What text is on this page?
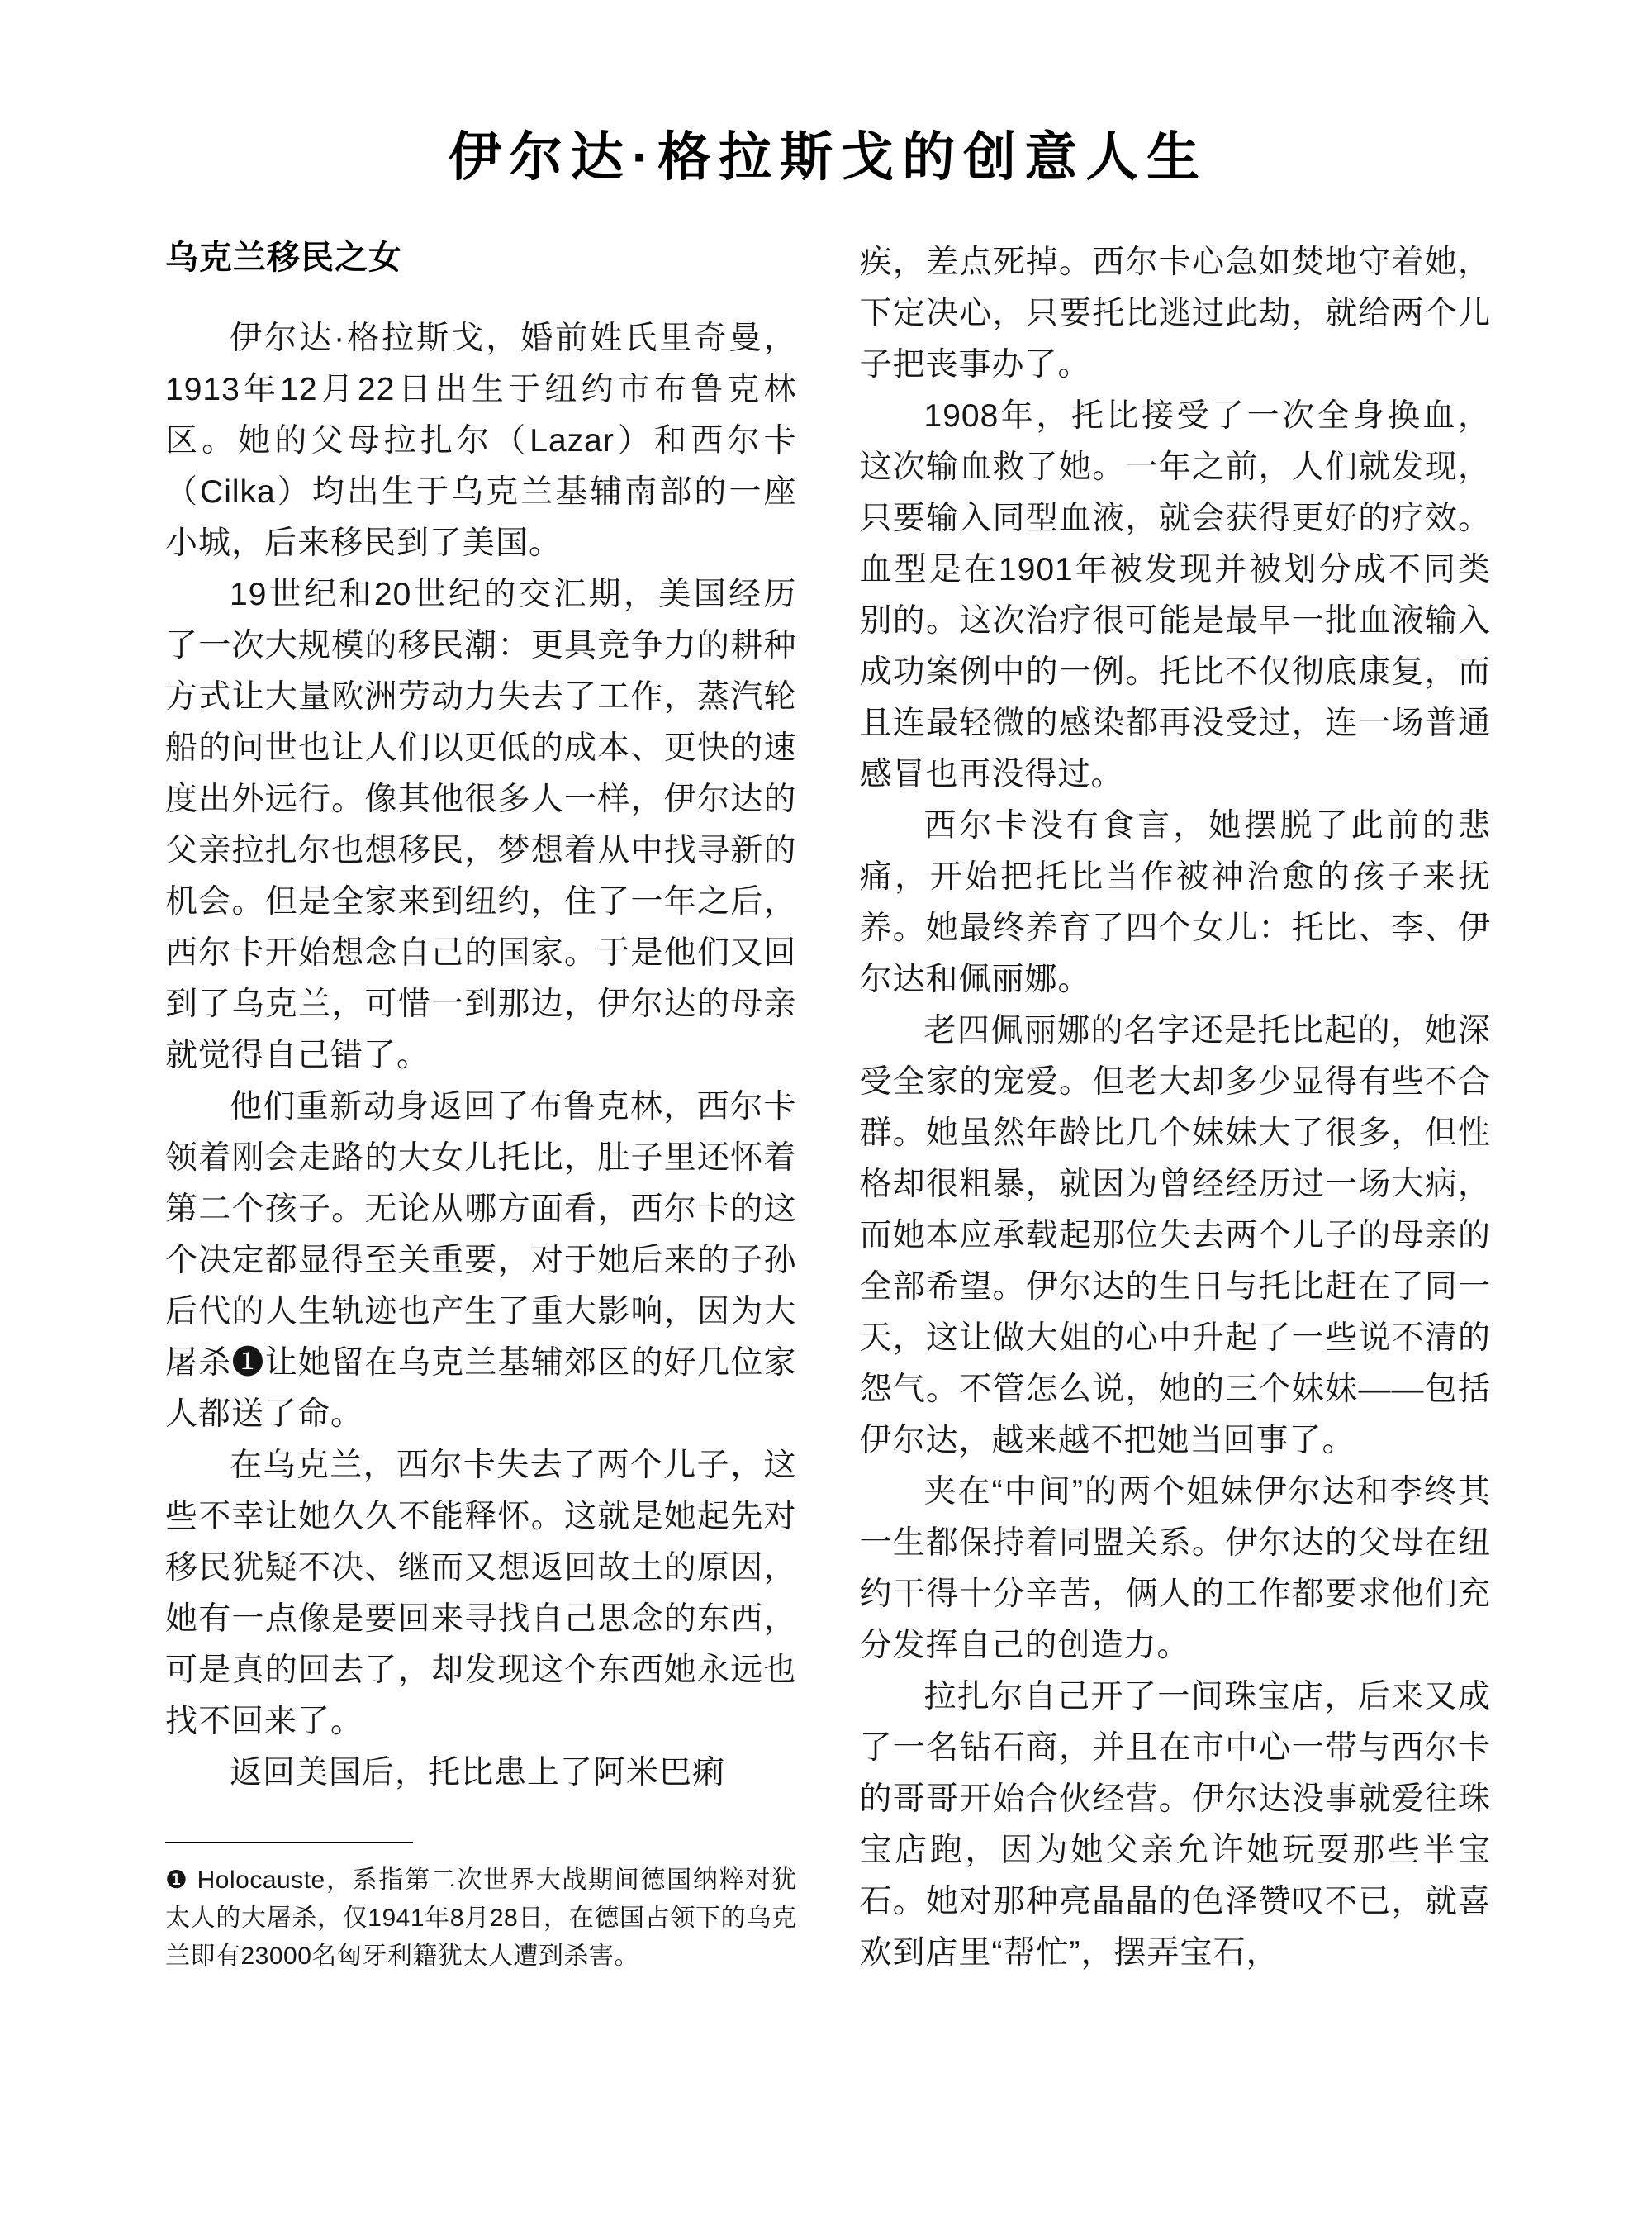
伊尔达·格拉斯戈的创意人生
乌克兰移民之女

伊尔达·格拉斯戈，婚前姓氏里奇曼，1913年12月22日出生于纽约市布鲁克林区。她的父母拉扎尔（Lazar）和西尔卡（Cilka）均出生于乌克兰基辅南部的一座小城，后来移民到了美国。

19世纪和20世纪的交汇期，美国经历了一次大规模的移民潮：更具竞争力的耕种方式让大量欧洲劳动力失去了工作，蒸汽轮船的问世也让人们以更低的成本、更快的速度出外远行。像其他很多人一样，伊尔达的父亲拉扎尔也想移民，梦想着从中找寻新的机会。但是全家来到纽约，住了一年之后，西尔卡开始想念自己的国家。于是他们又回到了乌克兰，可惜一到那边，伊尔达的母亲就觉得自己错了。

他们重新动身返回了布鲁克林，西尔卡领着刚会走路的大女儿托比，肚子里还怀着第二个孩子。无论从哪方面看，西尔卡的这个决定都显得至关重要，对于她后来的子孙后代的人生轨迹也产生了重大影响，因为大屠杀❶让她留在乌克兰基辅郊区的好几位家人都送了命。

在乌克兰，西尔卡失去了两个儿子，这些不幸让她久久不能释怀。这就是她起先对移民犹疑不决、继而又想返回故土的原因，她有一点像是要回来寻找自己思念的东西，可是真的回去了，却发现这个东西她永远也找不回来了。

返回美国后，托比患上了阿米巴痢

❶ Holocauste，系指第二次世界大战期间德国纳粹对犹太人的大屠杀，仅1941年8月28日，在德国占领下的乌克兰即有23000名匈牙利籍犹太人遭到杀害。

疾，差点死掉。西尔卡心急如焚地守着她，下定决心，只要托比逃过此劫，就给两个儿子把丧事办了。

1908年，托比接受了一次全身换血，这次输血救了她。一年之前，人们就发现，只要输入同型血液，就会获得更好的疗效。血型是在1901年被发现并被划分成不同类别的。这次治疗很可能是最早一批血液输入成功案例中的一例。托比不仅彻底康复，而且连最轻微的感染都再没受过，连一场普通感冒也再没得过。

西尔卡没有食言，她摆脱了此前的悲痛，开始把托比当作被神治愈的孩子来抚养。她最终养育了四个女儿：托比、李、伊尔达和佩丽娜。

老四佩丽娜的名字还是托比起的，她深受全家的宠爱。但老大却多少显得有些不合群。她虽然年龄比几个妹妹大了很多，但性格却很粗暴，就因为曾经经历过一场大病，而她本应承载起那位失去两个儿子的母亲的全部希望。伊尔达的生日与托比赶在了同一天，这让做大姐的心中升起了一些说不清的怨气。不管怎么说，她的三个妹妹——包括伊尔达，越来越不把她当回事了。

夹在“中间”的两个姐妹伊尔达和李终其一生都保持着同盟关系。伊尔达的父母在纽约干得十分辛苦，俩人的工作都要求他们充分发挥自己的创造力。

拉扎尔自己开了一间珠宝店，后来又成了一名钻石商，并且在市中心一带与西尔卡的哥哥开始合伙经营。伊尔达没事就爱往珠宝店跑，因为她父亲允许她玩耍那些半宝石。她对那种亮晶晶的色泽赞叹不已，就喜欢到店里“帮忙”，摆弄宝石，
